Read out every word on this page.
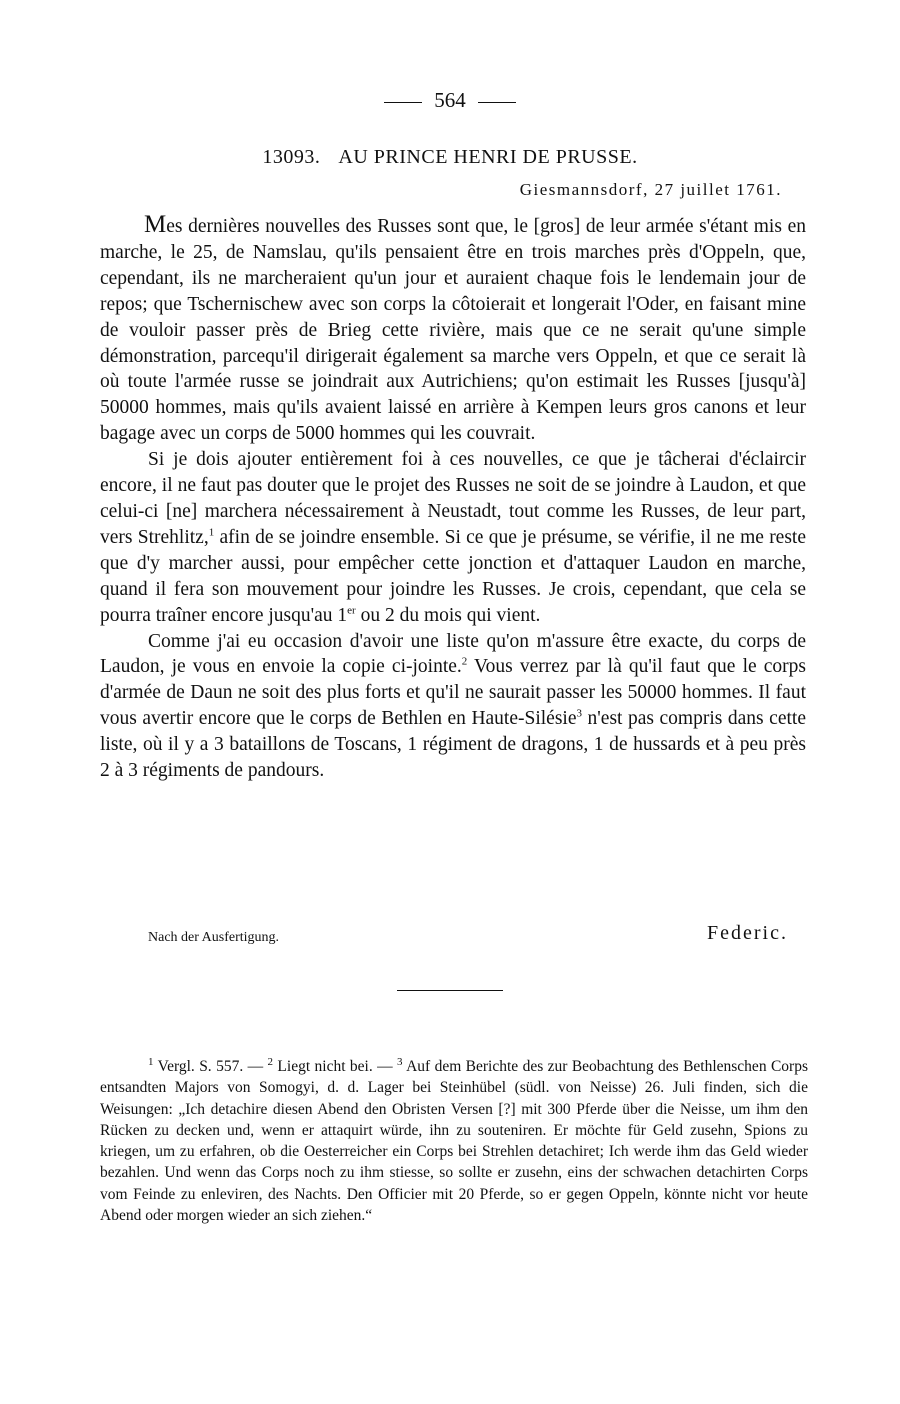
564
13093. AU PRINCE HENRI DE PRUSSE.
Giesmannsdorf, 27 juillet 1761.

Mes dernières nouvelles des Russes sont que, le [gros] de leur armée s'étant mis en marche, le 25, de Namslau, qu'ils pensaient être en trois marches près d'Oppeln, que, cependant, ils ne marcheraient qu'un jour et auraient chaque fois le lendemain jour de repos; que Tschernischew avec son corps la côtoierait et longerait l'Oder, en faisant mine de vouloir passer près de Brieg cette rivière, mais que ce ne serait qu'une simple démonstration, parcequ'il dirigerait également sa marche vers Oppeln, et que ce serait là où toute l'armée russe se joindrait aux Autrichiens; qu'on estimait les Russes [jusqu'à] 50000 hommes, mais qu'ils avaient laissé en arrière à Kempen leurs gros canons et leur bagage avec un corps de 5000 hommes qui les couvrait.

Si je dois ajouter entièrement foi à ces nouvelles, ce que je tâcherai d'éclaircir encore, il ne faut pas douter que le projet des Russes ne soit de se joindre à Laudon, et que celui-ci [ne] marchera nécessairement à Neustadt, tout comme les Russes, de leur part, vers Strehlitz,$^1$ afin de se joindre ensemble. Si ce que je présume, se vérifie, il ne me reste que d'y marcher aussi, pour empêcher cette jonction et d'attaquer Laudon en marche, quand il fera son mouvement pour joindre les Russes. Je crois, cependant, que cela se pourra traîner encore jusqu'au 1er ou 2 du mois qui vient.

Comme j'ai eu occasion d'avoir une liste qu'on m'assure être exacte, du corps de Laudon, je vous en envoie la copie ci-jointe.$^2$ Vous verrez par là qu'il faut que le corps d'armée de Daun ne soit des plus forts et qu'il ne saurait passer les 50000 hommes. Il faut vous avertir encore que le corps de Bethlen en Haute-Silésie$^3$ n'est pas compris dans cette liste, où il y a 3 bataillons de Toscans, 1 régiment de dragons, 1 de hussards et à peu près 2 à 3 régiments de pandours.

Nach der Ausfertigung.	Federic.

$^1$ Vergl. S. 557. — $^2$ Liegt nicht bei. — $^3$ Auf dem Berichte des zur Beobachtung des Bethlenschen Corps entsandten Majors von Somogyi, d. d. Lager bei Steinhübel (südl. von Neisse) 26. Juli finden, sich die Weisungen: „Ich detachire diesen Abend den Obristen Versen [?] mit 300 Pferde über die Neisse, um ihm den Rücken zu decken und, wenn er attaquirt würde, ihn zu souteniren. Er möchte für Geld zusehn, Spions zu kriegen, um zu erfahren, ob die Oesterreicher ein Corps bei Strehlen detachiret; Ich werde ihm das Geld wieder bezahlen. Und wenn das Corps noch zu ihm stiesse, so sollte er zusehn, eins der schwachen detachirten Corps vom Feinde zu enleviren, des Nachts. Den Officier mit 20 Pferde, so er gegen Oppeln, könnte nicht vor heute Abend oder morgen wieder an sich ziehen.“
